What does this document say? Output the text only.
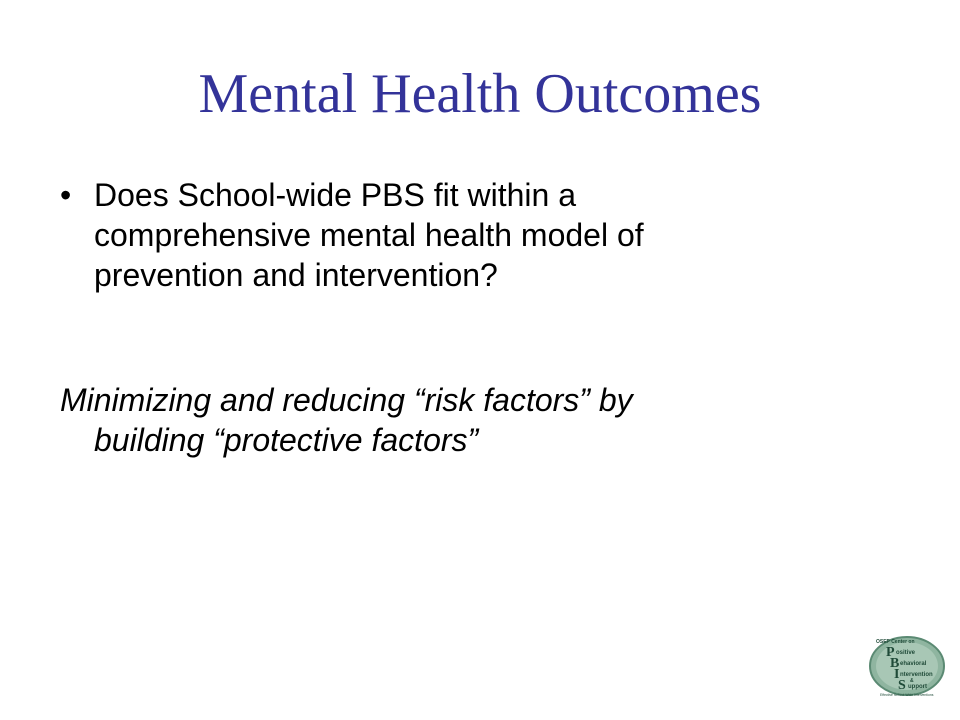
Mental Health Outcomes
• Does School-wide PBS fit within a
comprehensive mental health model of
prevention and intervention?
Minimizing and reducing “risk factors” by
building “protective factors”
OSEP Center on
P ositive
B ehavioral
I ntervention
&
S upport
Effective School-Wide Interventions
